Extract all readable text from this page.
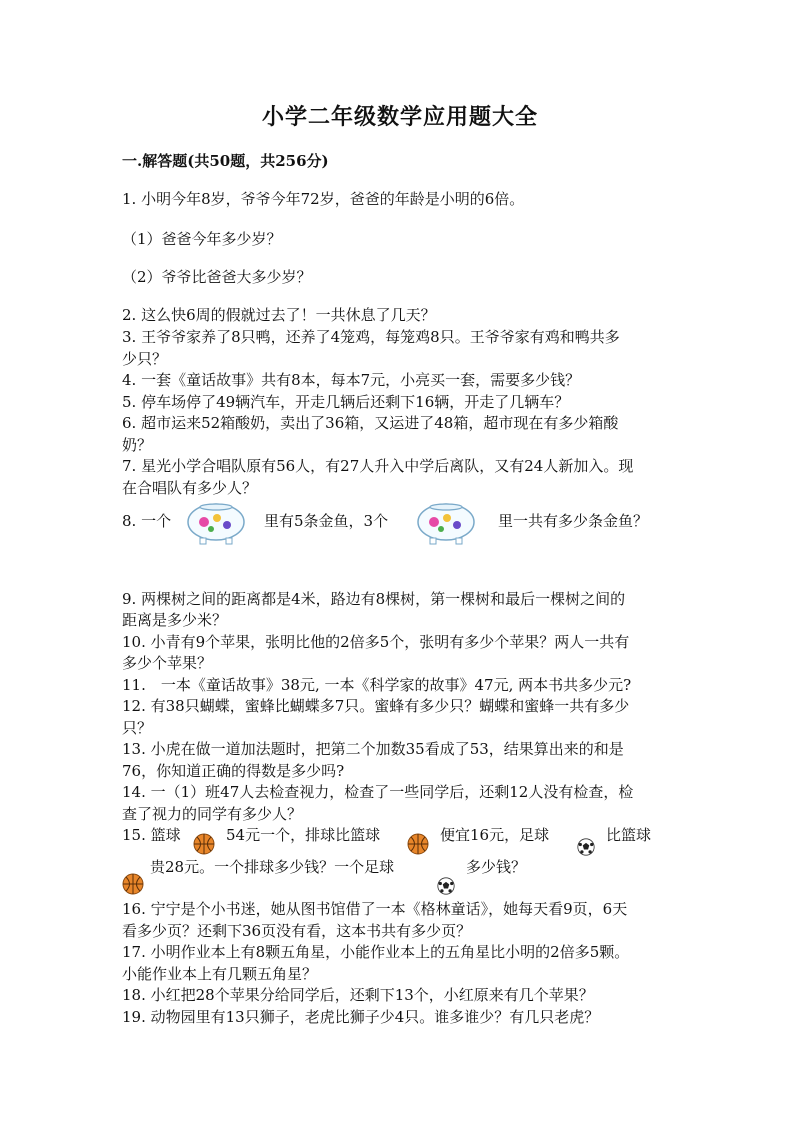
小学二年级数学应用题大全
一.解答题(共50题，共256分)
1. 小明今年8岁，爷爷今年72岁，爸爸的年龄是小明的6倍。
（1）爸爸今年多少岁？
（2）爷爷比爸爸大多少岁？
2. 这么快6周的假就过去了！一共休息了几天？
3. 王爷爷家养了8只鸭，还养了4笼鸡，每笼鸡8只。王爷爷家有鸡和鸭共多
少只？
4. 一套《童话故事》共有8本，每本7元，小亮买一套，需要多少钱？
5. 停车场停了49辆汽车，开走几辆后还剩下16辆，开走了几辆车？
6. 超市运来52箱酸奶，卖出了36箱，又运进了48箱，超市现在有多少箱酸
奶？
7. 星光小学合唱队原有56人，有27人升入中学后离队，又有24人新加入。现
在合唱队有多少人？
8. 一个	里有5条金鱼，3个	里一共有多少条金鱼？
9. 两棵树之间的距离都是4米，路边有8棵树，第一棵树和最后一棵树之间的
距离是多少米？
10. 小青有9个苹果，张明比他的2倍多5个，张明有多少个苹果？两人一共有
多少个苹果？
11.　一本《童话故事》38元, 一本《科学家的故事》47元, 两本书共多少元?
12. 有38只蝴蝶，蜜蜂比蝴蝶多7只。蜜蜂有多少只？蝴蝶和蜜蜂一共有多少
只？
13. 小虎在做一道加法题时，把第二个加数35看成了53，结果算出来的和是
76，你知道正确的得数是多少吗?
14. 一（1）班47人去检查视力，检查了一些同学后，还剩12人没有检查，检
查了视力的同学有多少人？
15. 篮球	54元一个，排球比篮球	便宜16元，足球	比篮球
贵28元。一个排球多少钱？一个足球	多少钱？
16. 宁宁是个小书迷，她从图书馆借了一本《格林童话》，她每天看9页，6天
看多少页？还剩下36页没有看，这本书共有多少页？
17. 小明作业本上有8颗五角星，小能作业本上的五角星比小明的2倍多5颗。
小能作业本上有几颗五角星？
18. 小红把28个苹果分给同学后，还剩下13个，小红原来有几个苹果？
19. 动物园里有13只狮子，老虎比狮子少4只。谁多谁少？有几只老虎？
